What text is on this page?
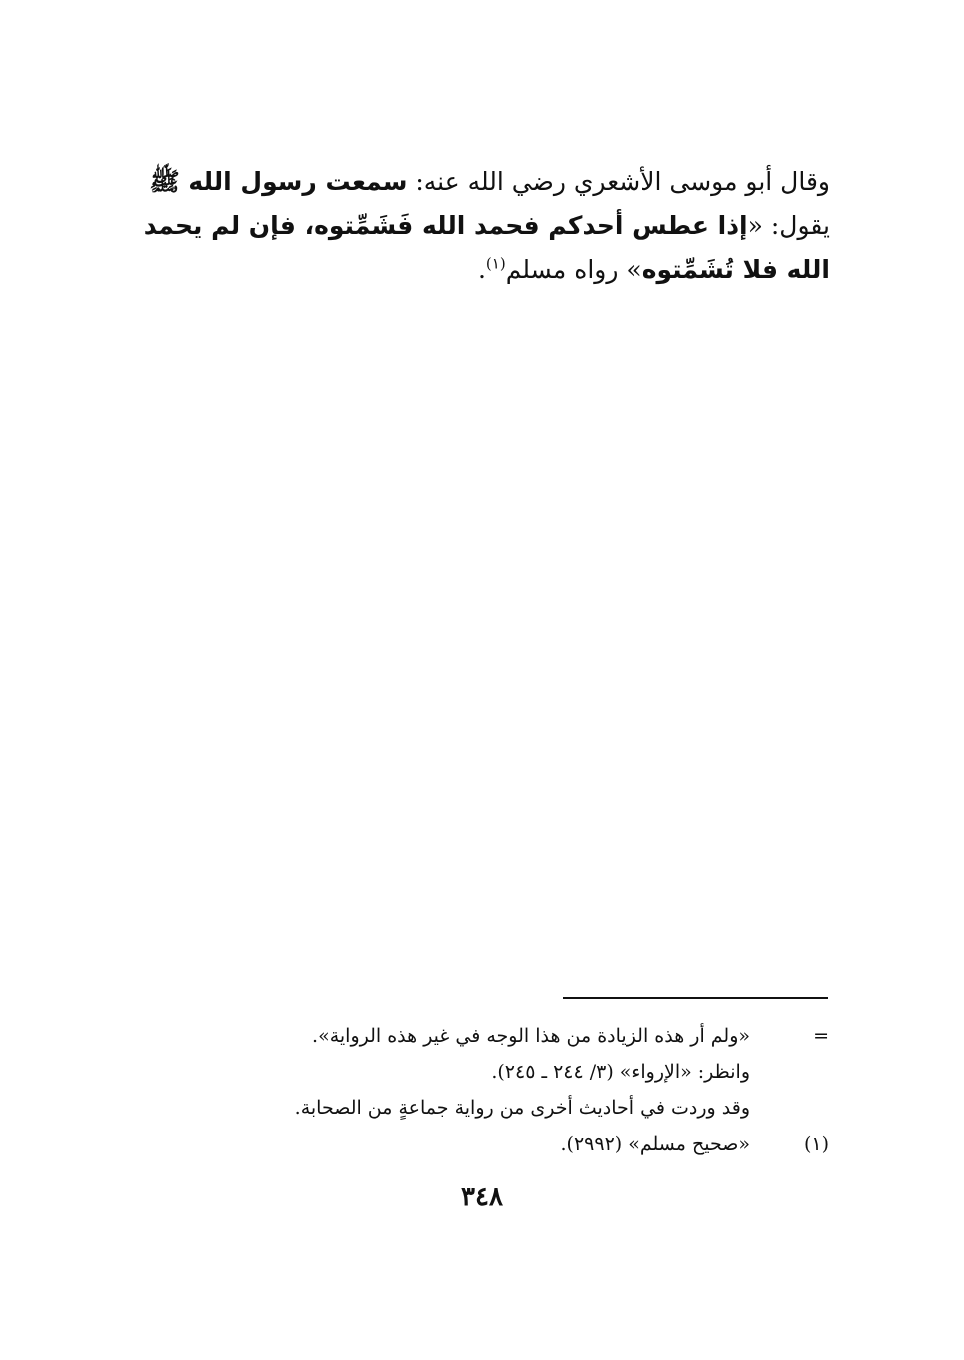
وقال أبو موسى الأشعري رضي الله عنه: سمعت رسول الله ﷺ يقول: «إذا عطس أحدكم فحمد الله فَشَمِّتوه، فإن لم يحمد الله فلا تُشَمِّتوه» رواه مسلم$^{(١)}$.
=
«ولم أر هذه الزيادة من هذا الوجه في غير هذه الرواية».
وانظر: «الإرواء» (٣/ ٢٤٤ ـ ٢٤٥).
وقد وردت في أحاديث أخرى من رواية جماعةٍ من الصحابة.
(١)
«صحيح مسلم» (٢٩٩٢).
٣٤٨
